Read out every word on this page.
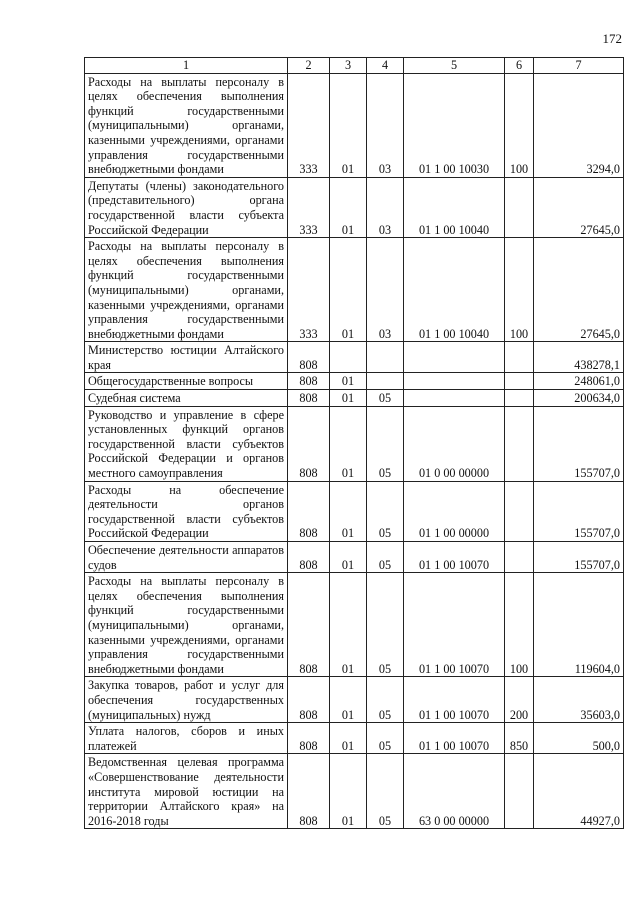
172
1	2	3	4	5	6	7
Расходы на выплаты персоналу в целях обеспечения выполнения функций государственными (муниципальными) органами, казенными учреждениями, органами управления государственными внебюджетными фондами	333	01	03	01 1 00 10030	100	3294,0
Депутаты (члены) законодательного (представительного) органа государственной власти субъекта Российской Федерации	333	01	03	01 1 00 10040		27645,0
Расходы на выплаты персоналу в целях обеспечения выполнения функций государственными (муниципальными) органами, казенными учреждениями, органами управления государственными внебюджетными фондами	333	01	03	01 1 00 10040	100	27645,0
Министерство юстиции Алтайского края	808					438278,1
Общегосударственные вопросы	808	01				248061,0
Судебная система	808	01	05			200634,0
Руководство и управление в сфере установленных функций органов государственной власти субъектов Российской Федерации и органов местного самоуправления	808	01	05	01 0 00 00000		155707,0
Расходы на обеспечение деятельности органов государственной власти субъектов Российской Федерации	808	01	05	01 1 00 00000		155707,0
Обеспечение деятельности аппаратов судов	808	01	05	01 1 00 10070		155707,0
Расходы на выплаты персоналу в целях обеспечения выполнения функций государственными (муниципальными) органами, казенными учреждениями, органами управления государственными внебюджетными фондами	808	01	05	01 1 00 10070	100	119604,0
Закупка товаров, работ и услуг для обеспечения государственных (муниципальных) нужд	808	01	05	01 1 00 10070	200	35603,0
Уплата налогов, сборов и иных платежей	808	01	05	01 1 00 10070	850	500,0
Ведомственная целевая программа «Совершенствование деятельности института мировой юстиции на территории Алтайского края» на 2016-2018 годы	808	01	05	63 0 00 00000		44927,0
